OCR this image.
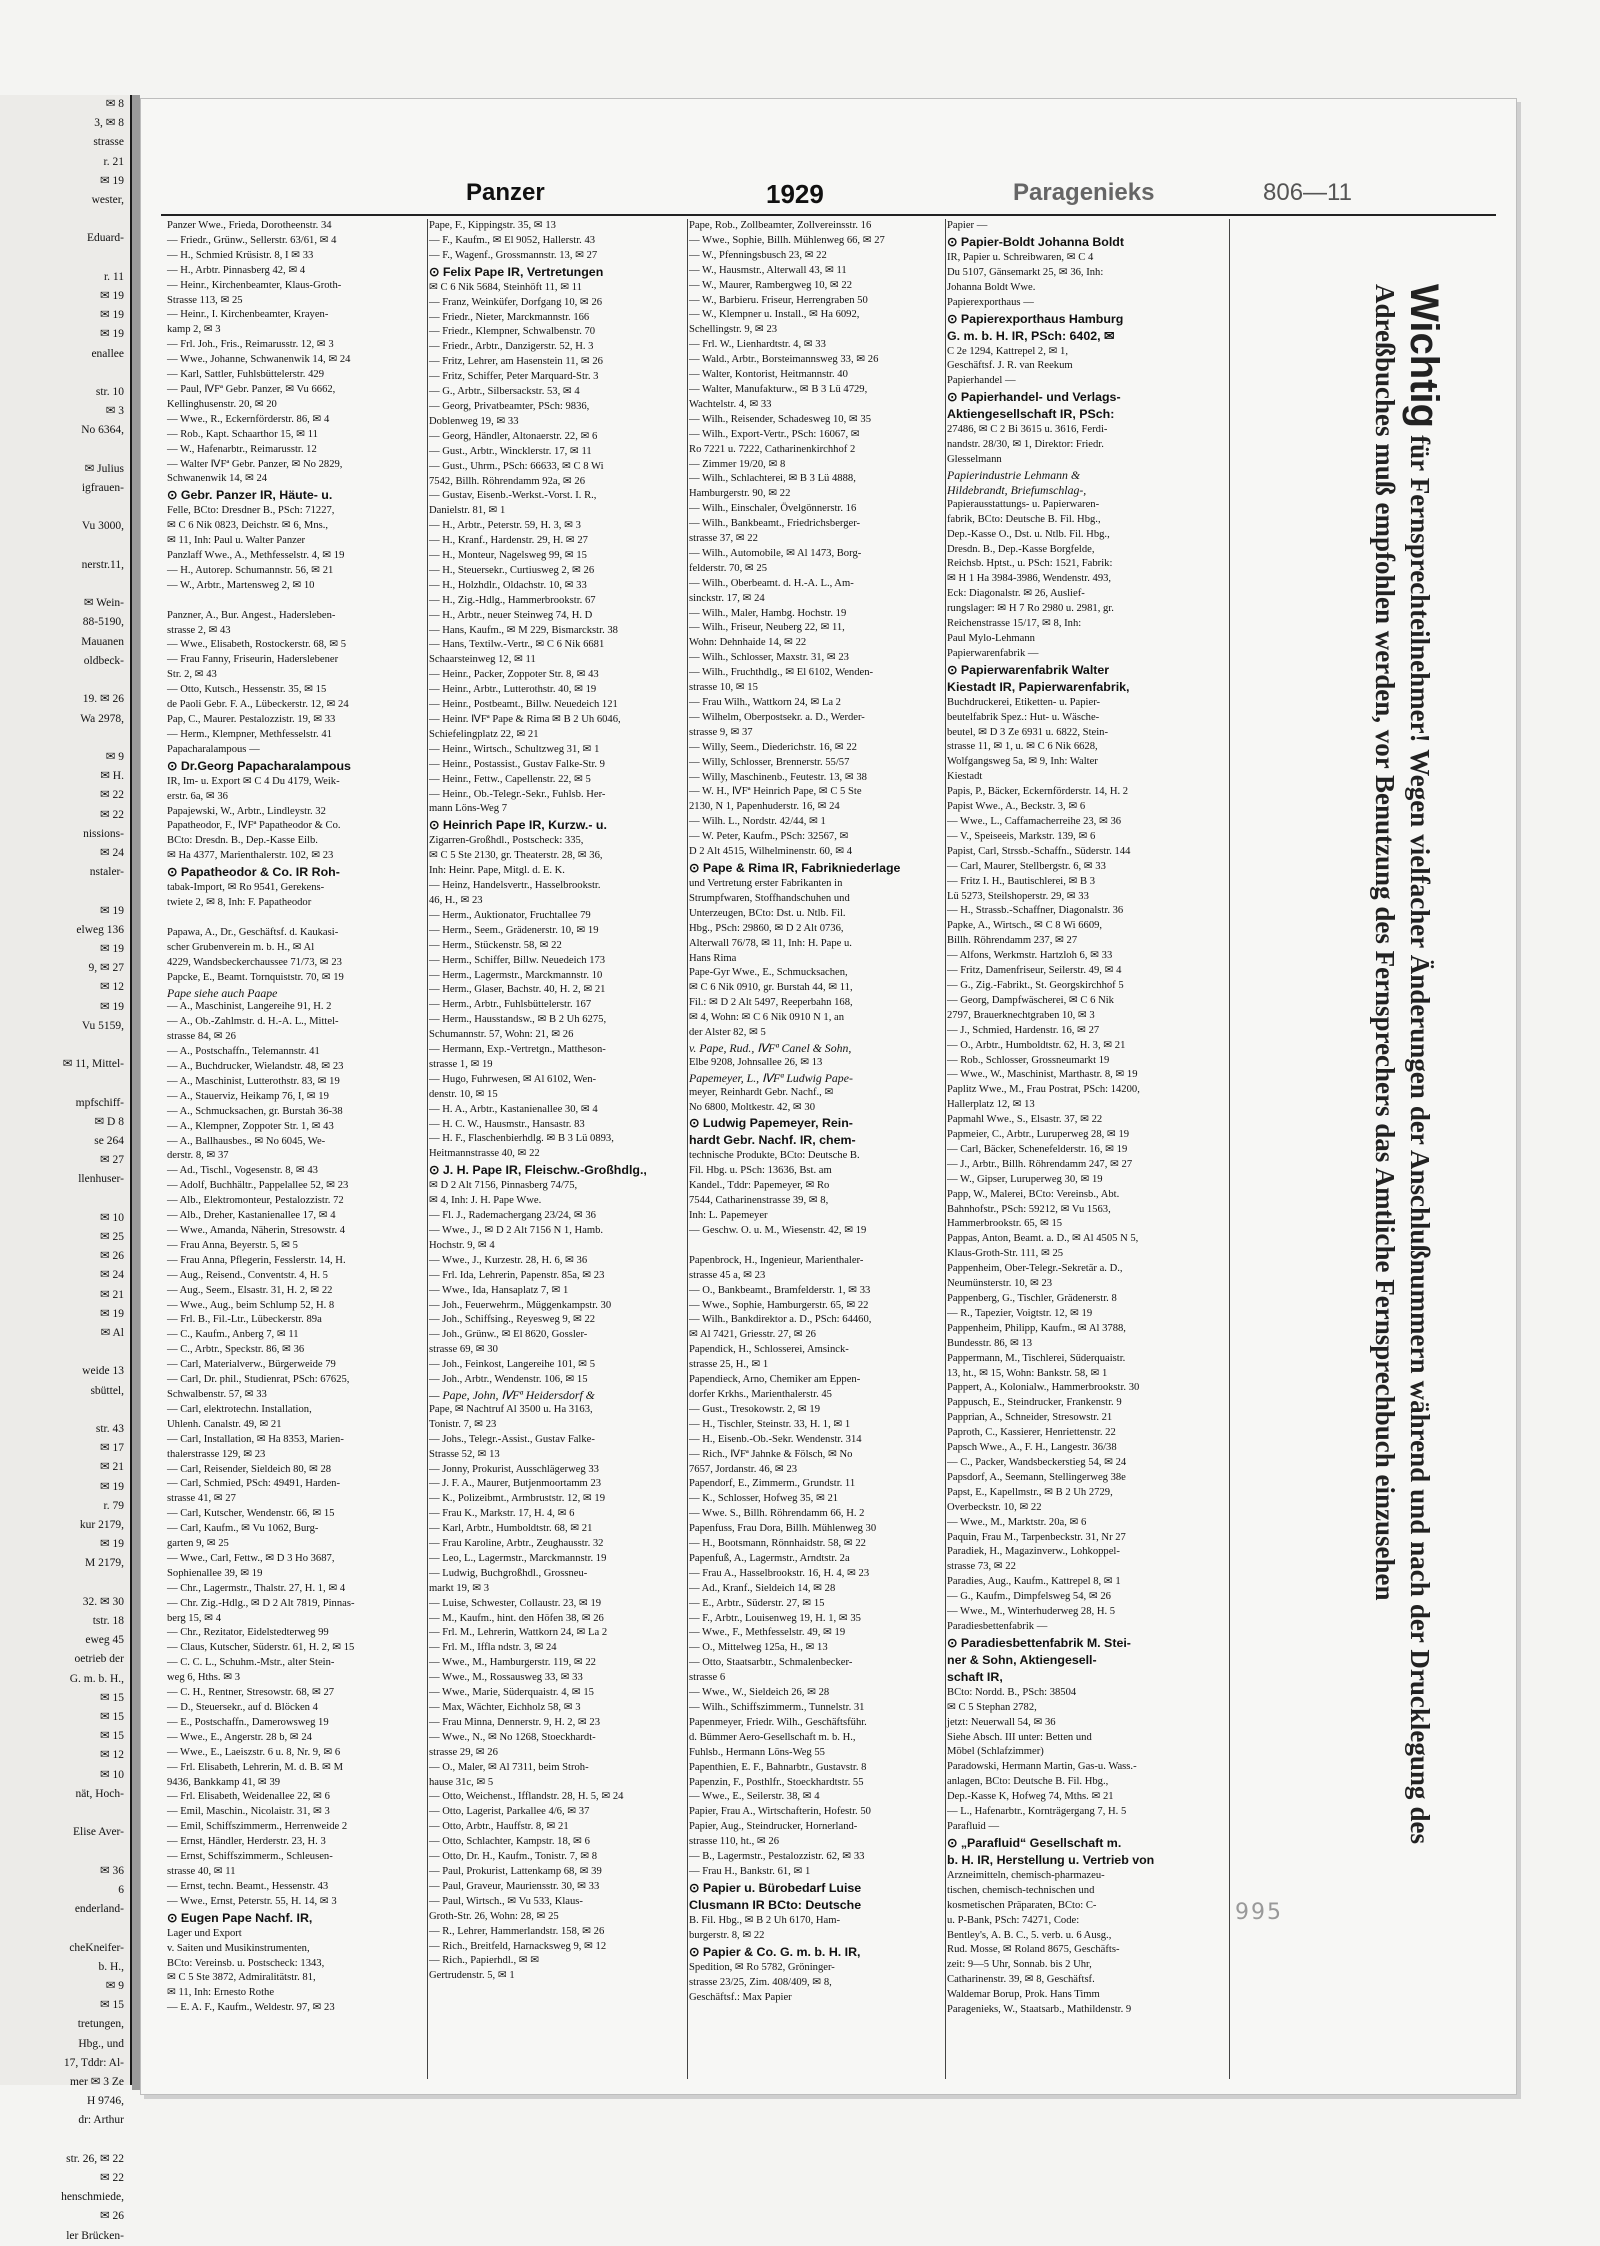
✉ 8
3, ✉ 8
strasse
r. 21
✉ 19
wester,

Eduard-

r. 11
✉ 19
✉ 19
✉ 19
enallee

str. 10
✉ 3
No 6364,

✉ Julius
igfrauen-

Vu 3000,

nerstr.11,

✉ Wein-
88-5190,
Mauanen
oldbeck-

19. ✉ 26
Wa 2978,

✉ 9
✉ H.
✉ 22
✉ 22
nissions-
✉ 24
nstaler-

✉ 19
elweg 136
✉ 19
9, ✉ 27
✉ 12
✉ 19
Vu 5159,

✉ 11, Mittel-

mpfschiff-
✉ D 8
se 264
✉ 27
llenhuser-

✉ 10
✉ 25
✉ 26
✉ 24
✉ 21
✉ 19
✉ Al

weide 13
sbüttel,

str. 43
✉ 17
✉ 21
✉ 19
r. 79
kur 2179,
✉ 19
M 2179,

32. ✉ 30
tstr. 18
eweg 45
oetrieb der
G. m. b. H.,
✉ 15
✉ 15
✉ 15
✉ 12
✉ 10
nät, Hoch-

Elise Aver-

✉ 36
6
enderland-

cheKneifer-
b. H.,
✉ 9
✉ 15
tretungen,
Hbg., und
17, Tddr: Al-
mer ✉ 3 Ze
H 9746,
dr: Arthur

str. 26, ✉ 22
✉ 22
henschmiede,
✉ 26
ler Brücken-
Panzer	1929	Paragenieks	806—11
Panzer Wwe., Frieda, Dorotheenstr. 34
— Friedr., Grünw., Sellerstr. 63/61, ✉ 4
— H., Schmied Krüsistr. 8, I ✉ 33
— H., Arbtr. Pinnasberg 42, ✉ 4
— Heinr., Kirchenbeamter, Klaus-Groth-
Strasse 113, ✉ 25
— Heinr., I. Kirchenbeamter, Krayen-
kamp 2, ✉ 3
— Frl. Joh., Fris., Reimarusstr. 12, ✉ 3
— Wwe., Johanne, Schwanenwik 14, ✉ 24
— Karl, Sattler, Fuhlsbüttelerstr. 429
— Paul, ⅣFª Gebr. Panzer, ✉ Vu 6662,
Kellinghusenstr. 20, ✉ 20
— Wwe., R., Eckernförderstr. 86, ✉ 4
— Rob., Kapt. Schaarthor 15, ✉ 11
— W., Hafenarbtr., Reimarusstr. 12
— Walter ⅣFª Gebr. Panzer, ✉ No 2829,
Schwanenwik 14, ✉ 24
⊙ Gebr. Panzer IR, Häute- u.
Felle, BCto: Dresdner B., PSch: 71227,
✉ C 6 Nik 0823, Deichstr. ✉ 6, Mns.,
✉ 11, Inh: Paul u. Walter Panzer
Panzlaff Wwe., A., Methfesselstr. 4, ✉ 19
— H., Autorep. Schumannstr. 56, ✉ 21
— W., Arbtr., Martensweg 2, ✉ 10

Panzner, A., Bur. Angest., Hadersleben-
strasse 2, ✉ 43
— Wwe., Elisabeth, Rostockerstr. 68, ✉ 5
— Frau Fanny, Friseurin, Haderslebener
Str. 2, ✉ 43
— Otto, Kutsch., Hessenstr. 35, ✉ 15
de Paoli Gebr. F. A., Lübeckerstr. 12, ✉ 24
Pap, C., Maurer. Pestalozzistr. 19, ✉ 33
— Herm., Klempner, Methfesselstr. 41
Papacharalampous —
⊙ Dr.Georg Papacharalampous
IR, Im- u. Export ✉ C 4 Du 4179, Weik-
erstr. 6a, ✉ 36
Papajewski, W., Arbtr., Lindleystr. 32
Papatheodor, F., ⅣFª Papatheodor & Co.
BCto: Dresdn. B., Dep.-Kasse Eilb.
✉ Ha 4377, Marienthalerstr. 102, ✉ 23
⊙ Papatheodor & Co. IR Roh-
tabak-Import, ✉ Ro 9541, Gerekens-
twiete 2, ✉ 8, Inh: F. Papatheodor

Papawa, A., Dr., Geschäftsf. d. Kaukasi-
scher Grubenverein m. b. H., ✉ Al
4229, Wandsbeckerchaussee 71/73, ✉ 23
Papcke, E., Beamt. Tornquiststr. 70, ✉ 19
Pape siehe auch Paape
— A., Maschinist, Langereihe 91, H. 2
— A., Ob.-Zahlmstr. d. H.-A. L., Mittel-
strasse 84, ✉ 26
— A., Postschaffn., Telemannstr. 41
— A., Buchdrucker, Wielandstr. 48, ✉ 23
— A., Maschinist, Lutterothstr. 83, ✉ 19
— A., Stauerviz, Heikamp 76, I, ✉ 19
— A., Schmucksachen, gr. Burstah 36-38
— A., Klempner, Zoppoter Str. 1, ✉ 43
— A., Ballhausbes., ✉ No 6045, We-
derstr. 8, ✉ 37
— Ad., Tischl., Vogesenstr. 8, ✉ 43
— Adolf, Buchhältr., Pappelallee 52, ✉ 23
— Alb., Elektromonteur, Pestalozzistr. 72
— Alb., Dreher, Kastanienallee 17, ✉ 4
— Wwe., Amanda, Näherin, Stresowstr. 4
— Frau Anna, Beyerstr. 5, ✉ 5
— Frau Anna, Pflegerin, Fesslerstr. 14, H.
— Aug., Reisend., Conventstr. 4, H. 5
— Aug., Seem., Elsastr. 31, H. 2, ✉ 22
— Wwe., Aug., beim Schlump 52, H. 8
— Frl. B., Fil.-Ltr., Lübeckerstr. 89a
— C., Kaufm., Anberg 7, ✉ 11
— C., Arbtr., Speckstr. 86, ✉ 36
— Carl, Materialverw., Bürgerweide 79
— Carl, Dr. phil., Studienrat, PSch: 67625,
Schwalbenstr. 57, ✉ 33
— Carl, elektrotechn. Installation,
Uhlenh. Canalstr. 49, ✉ 21
— Carl, Installation, ✉ Ha 8353, Marien-
thalerstrasse 129, ✉ 23
— Carl, Reisender, Sieldeich 80, ✉ 28
— Carl, Schmied, PSch: 49491, Harden-
strasse 41, ✉ 27
— Carl, Kutscher, Wendenstr. 66, ✉ 15
— Carl, Kaufm., ✉ Vu 1062, Burg-
garten 9, ✉ 25
— Wwe., Carl, Fettw., ✉ D 3 Ho 3687,
Sophienallee 39, ✉ 19
— Chr., Lagermstr., Thalstr. 27, H. 1, ✉ 4
— Chr. Zig.-Hdlg., ✉ D 2 Alt 7819, Pinnas-
berg 15, ✉ 4
— Chr., Rezitator, Eidelstedterweg 99
— Claus, Kutscher, Süderstr. 61, H. 2, ✉ 15
— C. C. L., Schuhm.-Mstr., alter Stein-
weg 6, Hths. ✉ 3
— C. H., Rentner, Stresowstr. 68, ✉ 27
— D., Steuersekr., auf d. Blöcken 4
— E., Postschaffn., Damerowsweg 19
— Wwe., E., Angerstr. 28 b, ✉ 24
— Wwe., E., Laeiszstr. 6 u. 8, Nr. 9, ✉ 6
— Frl. Elisabeth, Lehrerin, M. d. B. ✉ M
9436, Bankkamp 41, ✉ 39
— Frl. Elisabeth, Weidenallee 22, ✉ 6
— Emil, Maschin., Nicolaistr. 31, ✉ 3
— Emil, Schiffszimmerm., Herrenweide 2
— Ernst, Händler, Herderstr. 23, H. 3
— Ernst, Schiffszimmerm., Schleusen-
strasse 40, ✉ 11
— Ernst, techn. Beamt., Hessenstr. 43
— Wwe., Ernst, Peterstr. 55, H. 14, ✉ 3
⊙ Eugen Pape Nachf. IR,
Lager und Export
v. Saiten und Musikinstrumenten,
BCto: Vereinsb. u. Postscheck: 1343,
✉ C 5 Ste 3872, Admiralitätstr. 81,
✉ 11, Inh: Ernesto Rothe
— E. A. F., Kaufm., Weldestr. 97, ✉ 23
Pape, F., Kippingstr. 35, ✉ 13
— F., Kaufm., ✉ El 9052, Hallerstr. 43
— F., Wagenf., Grossmannstr. 13, ✉ 27
⊙ Felix Pape IR, Vertretungen
✉ C 6 Nik 5684, Steinhöft 11, ✉ 11
— Franz, Weinküfer, Dorfgang 10, ✉ 26
— Friedr., Nieter, Marckmannstr. 166
— Friedr., Klempner, Schwalbenstr. 70
— Friedr., Arbtr., Danzigerstr. 52, H. 3
— Fritz, Lehrer, am Hasenstein 11, ✉ 26
— Fritz, Schiffer, Peter Marquard-Str. 3
— G., Arbtr., Silbersackstr. 53, ✉ 4
— Georg, Privatbeamter, PSch: 9836,
Doblenweg 19, ✉ 33
— Georg, Händler, Altonaerstr. 22, ✉ 6
— Gust., Arbtr., Wincklerstr. 17, ✉ 11
— Gust., Uhrm., PSch: 66633, ✉ C 8 Wi
7542, Billh. Röhrendamm 92a, ✉ 26
— Gustav, Eisenb.-Werkst.-Vorst. I. R.,
Danielstr. 81, ✉ 1
— H., Arbtr., Peterstr. 59, H. 3, ✉ 3
— H., Kranf., Hardenstr. 29, H. ✉ 27
— H., Monteur, Nagelsweg 99, ✉ 15
— H., Steuersekr., Curtiusweg 2, ✉ 26
— H., Holzhdlr., Oldachstr. 10, ✉ 33
— H., Zig.-Hdlg., Hammerbrookstr. 67
— H., Arbtr., neuer Steinweg 74, H. D
— Hans, Kaufm., ✉ M 229, Bismarckstr. 38
— Hans, Textilw.-Vertr., ✉ C 6 Nik 6681
Schaarsteinweg 12, ✉ 11
— Heinr., Packer, Zoppoter Str. 8, ✉ 43
— Heinr., Arbtr., Lutterothstr. 40, ✉ 19
— Heinr., Postbeamt., Billw. Neuedeich 121
— Heinr. ⅣFª Pape & Rima ✉ B 2 Uh 6046,
Schiefelingplatz 22, ✉ 21
— Heinr., Wirtsch., Schultzweg 31, ✉ 1
— Heinr., Postassist., Gustav Falke-Str. 9
— Heinr., Fettw., Capellenstr. 22, ✉ 5
— Heinr., Ob.-Telegr.-Sekr., Fuhlsb. Her-
mann Löns-Weg 7
⊙ Heinrich Pape IR, Kurzw.- u.
Zigarren-Großhdl., Postscheck: 335,
✉ C 5 Ste 2130, gr. Theaterstr. 28, ✉ 36,
Inh: Heinr. Pape, Mitgl. d. E. K.
— Heinz, Handelsvertr., Hasselbrookstr.
46, H., ✉ 23
— Herm., Auktionator, Fruchtallee 79
— Herm., Seem., Grädenerstr. 10, ✉ 19
— Herm., Stückenstr. 58, ✉ 22
— Herm., Schiffer, Billw. Neuedeich 173
— Herm., Lagermstr., Marckmannstr. 10
— Herm., Glaser, Bachstr. 40, H. 2, ✉ 21
— Herm., Arbtr., Fuhlsbüttelerstr. 167
— Herm., Hausstandsw., ✉ B 2 Uh 6275,
Schumannstr. 57, Wohn: 21, ✉ 26
— Hermann, Exp.-Vertretgn., Mattheson-
strasse 1, ✉ 19
— Hugo, Fuhrwesen, ✉ Al 6102, Wen-
denstr. 10, ✉ 15
— H. A., Arbtr., Kastanienallee 30, ✉ 4
— H. C. W., Hausmstr., Hansastr. 83
— H. F., Flaschenbierhdlg. ✉ B 3 Lü 0893,
Heitmannstrasse 40, ✉ 22
⊙ J. H. Pape IR, Fleischw.-Großhdlg.,
✉ D 2 Alt 7156, Pinnasberg 74/75,
✉ 4, Inh: J. H. Pape Wwe.
— Fl. J., Rademachergang 23/24, ✉ 36
— Wwe., J., ✉ D 2 Alt 7156 N 1, Hamb.
Hochstr. 9, ✉ 4
— Wwe., J., Kurzestr. 28, H. 6, ✉ 36
— Frl. Ida, Lehrerin, Papenstr. 85a, ✉ 23
— Wwe., Ida, Hansaplatz 7, ✉ 1
— Joh., Feuerwehrm., Müggenkampstr. 30
— Joh., Schiffsing., Reyesweg 9, ✉ 22
— Joh., Grünw., ✉ El 8620, Gossler-
strasse 69, ✉ 30
— Joh., Feinkost, Langereihe 101, ✉ 5
— Joh., Arbtr., Wendenstr. 106, ✉ 15
— Pape, John, ⅣFª Heidersdorf &
Pape, ✉ Nachtruf Al 3500 u. Ha 3163,
Tonistr. 7, ✉ 23
— Johs., Telegr.-Assist., Gustav Falke-
Strasse 52, ✉ 13
— Jonny, Prokurist, Ausschlägerweg 33
— J. F. A., Maurer, Butjenmoortamm 23
— K., Polizeibmt., Armbruststr. 12, ✉ 19
— Frau K., Markstr. 17, H. 4, ✉ 6
— Karl, Arbtr., Humboldtstr. 68, ✉ 21
— Frau Karoline, Arbtr., Zeughausstr. 32
— Leo, L., Lagermstr., Marckmannstr. 19
— Ludwig, Buchgroßhdl., Grossneu-
markt 19, ✉ 3
— Luise, Schwester, Collaustr. 23, ✉ 19
— M., Kaufm., hint. den Höfen 38, ✉ 26
— Frl. M., Lehrerin, Wattkorn 24, ✉ La 2
— Frl. M., Iffla ndstr. 3, ✉ 24
— Wwe., M., Hamburgerstr. 119, ✉ 22
— Wwe., M., Rossausweg 33, ✉ 33
— Wwe., Marie, Süderquaistr. 4, ✉ 15
— Max, Wächter, Eichholz 58, ✉ 3
— Frau Minna, Dennerstr. 9, H. 2, ✉ 23
— Wwe., N., ✉ No 1268, Stoeckhardt-
strasse 29, ✉ 26
— O., Maler, ✉ Al 7311, beim Stroh-
hause 31c, ✉ 5
— Otto, Weichenst., Ifflandstr. 28, H. 5, ✉ 24
— Otto, Lagerist, Parkallee 4/6, ✉ 37
— Otto, Arbtr., Hauffstr. 8, ✉ 21
— Otto, Schlachter, Kampstr. 18, ✉ 6
— Otto, Dr. H., Kaufm., Tonistr. 7, ✉ 8
— Paul, Prokurist, Lattenkamp 68, ✉ 39
— Paul, Graveur, Mauriensstr. 30, ✉ 33
— Paul, Wirtsch., ✉ Vu 533, Klaus-
Groth-Str. 26, Wohn: 28, ✉ 25
— R., Lehrer, Hammerlandstr. 158, ✉ 26
— Rich., Breitfeld, Harnacksweg 9, ✉ 12
— Rich., Papierhdl., ✉ ✉
Gertrudenstr. 5, ✉ 1
Pape, Rob., Zollbeamter, Zollvereinsstr. 16
— Wwe., Sophie, Billh. Mühlenweg 66, ✉ 27
— W., Pfenningsbusch 23, ✉ 22
— W., Hausmstr., Alterwall 43, ✉ 11
— W., Maurer, Rambergweg 10, ✉ 22
— W., Barbieru. Friseur, Herrengraben 50
— W., Klempner u. Install., ✉ Ha 6092,
Schellingstr. 9, ✉ 23
— Frl. W., Lienhardtstr. 4, ✉ 33
— Wald., Arbtr., Borsteimannsweg 33, ✉ 26
— Walter, Kontorist, Heitmannstr. 40
— Walter, Manufakturw., ✉ B 3 Lü 4729,
Wachtelstr. 4, ✉ 33
— Wilh., Reisender, Schadesweg 10, ✉ 35
— Wilh., Export-Vertr., PSch: 16067, ✉
Ro 7221 u. 7222, Catharinenkirchhof 2
— Zimmer 19/20, ✉ 8
— Wilh., Schlachterei, ✉ B 3 Lü 4888,
Hamburgerstr. 90, ✉ 22
— Wilh., Einschaler, Övelgönnerstr. 16
— Wilh., Bankbeamt., Friedrichsberger-
strasse 37, ✉ 22
— Wilh., Automobile, ✉ Al 1473, Borg-
felderstr. 70, ✉ 25
— Wilh., Oberbeamt. d. H.-A. L., Am-
sinckstr. 17, ✉ 24
— Wilh., Maler, Hambg. Hochstr. 19
— Wilh., Friseur, Neuberg 22, ✉ 11,
Wohn: Dehnhaide 14, ✉ 22
— Wilh., Schlosser, Maxstr. 31, ✉ 23
— Wilh., Fruchthdlg., ✉ El 6102, Wenden-
strasse 10, ✉ 15
— Frau Wilh., Wattkorn 24, ✉ La 2
— Wilhelm, Oberpostsekr. a. D., Werder-
strasse 9, ✉ 37
— Willy, Seem., Diederichstr. 16, ✉ 22
— Willy, Schlosser, Brennerstr. 55/57
— Willy, Maschinenb., Feutestr. 13, ✉ 38
— W. H., ⅣFª Heinrich Pape, ✉ C 5 Ste
2130, N 1, Papenhuderstr. 16, ✉ 24
— Wilh. L., Nordstr. 42/44, ✉ 1
— W. Peter, Kaufm., PSch: 32567, ✉
D 2 Alt 4515, Wilhelminenstr. 60, ✉ 4
⊙ Pape & Rima IR, Fabrikniederlage
und Vertretung erster Fabrikanten in
Strumpfwaren, Stoffhandschuhen und
Unterzeugen, BCto: Dst. u. Ntlb. Fil.
Hbg., PSch: 29860, ✉ D 2 Alt 0736,
Alterwall 76/78, ✉ 11, Inh: H. Pape u.
Hans Rima
Pape-Gyr Wwe., E., Schmucksachen,
✉ C 6 Nik 0910, gr. Burstah 44, ✉ 11,
Fil.: ✉ D 2 Alt 5497, Reeperbahn 168,
✉ 4, Wohn: ✉ C 6 Nik 0910 N 1, an
der Alster 82, ✉ 5
v. Pape, Rud., ⅣFª Canel & Sohn,
Elbe 9208, Johnsallee 26, ✉ 13
Papemeyer, L., ⅣFª Ludwig Pape-
meyer, Reinhardt Gebr. Nachf., ✉
No 6800, Moltkestr. 42, ✉ 30
⊙ Ludwig Papemeyer, Rein-
hardt Gebr. Nachf. IR, chem-
technische Produkte, BCto: Deutsche B.
Fil. Hbg. u. PSch: 13636, Bst. am
Kandel., Tddr: Papemeyer, ✉ Ro
7544, Catharinenstrasse 39, ✉ 8,
Inh: L. Papemeyer
— Geschw. O. u. M., Wiesenstr. 42, ✉ 19

Papenbrock, H., Ingenieur, Marienthaler-
strasse 45 a, ✉ 23
— O., Bankbeamt., Bramfelderstr. 1, ✉ 33
— Wwe., Sophie, Hamburgerstr. 65, ✉ 22
— Wilh., Bankdirektor a. D., PSch: 64460,
✉ Al 7421, Griesstr. 27, ✉ 26
Papendick, H., Schlosserei, Amsinck-
strasse 25, H., ✉ 1
Papendieck, Arno, Chemiker am Eppen-
dorfer Krkhs., Marienthalerstr. 45
— Gust., Tresokowstr. 2, ✉ 19
— H., Tischler, Steinstr. 33, H. 1, ✉ 1
— H., Eisenb.-Ob.-Sekr. Wendenstr. 314
— Rich., ⅣFª Jahnke & Fölsch, ✉ No
7657, Jordanstr. 46, ✉ 23
Papendorf, E., Zimmerm., Grundstr. 11
— K., Schlosser, Hofweg 35, ✉ 21
— Wwe. S., Billh. Röhrendamm 66, H. 2
Papenfuss, Frau Dora, Billh. Mühlenweg 30
— H., Bootsmann, Rönnhaidstr. 58, ✉ 22
Papenfuß, A., Lagermstr., Arndtstr. 2a
— Frau A., Hasselbrookstr. 16, H. 4, ✉ 23
— Ad., Kranf., Sieldeich 14, ✉ 28
— E., Arbtr., Süderstr. 27, ✉ 15
— F., Arbtr., Louisenweg 19, H. 1, ✉ 35
— Wwe., F., Methfesselstr. 49, ✉ 19
— O., Mittelweg 125a, H., ✉ 13
— Otto, Staatsarbtr., Schmalenbecker-
strasse 6
— Wwe., W., Sieldeich 26, ✉ 28
— Wilh., Schiffszimmerm., Tunnelstr. 31
Papenmeyer, Friedr. Wilh., Geschäftsführ.
d. Bümmer Aero-Gesellschaft m. b. H.,
Fuhlsb., Hermann Löns-Weg 55
Papenthien, E. F., Bahnarbtr., Gustavstr. 8
Papenzin, F., Posthlfr., Stoeckhardtstr. 55
— Wwe., E., Seilerstr. 38, ✉ 4
Papier, Frau A., Wirtschafterin, Hofestr. 50
Papier, Aug., Steindrucker, Hornerland-
strasse 110, ht., ✉ 26
— B., Lagermstr., Pestalozzistr. 62, ✉ 33
— Frau H., Bankstr. 61, ✉ 1
⊙ Papier u. Bürobedarf Luise
Clusmann IR BCto: Deutsche
B. Fil. Hbg., ✉ B 2 Uh 6170, Ham-
burgerstr. 8, ✉ 22
⊙ Papier & Co. G. m. b. H. IR,
Spedition, ✉ Ro 5782, Gröninger-
strasse 23/25, Zim. 408/409, ✉ 8,
Geschäftsf.: Max Papier
Papier —
⊙ Papier-Boldt Johanna Boldt
IR, Papier u. Schreibwaren, ✉ C 4
Du 5107, Gänsemarkt 25, ✉ 36, Inh:
Johanna Boldt Wwe.
Papierexporthaus —
⊙ Papierexporthaus Hamburg
G. m. b. H. IR, PSch: 6402, ✉
C 2e 1294, Kattrepel 2, ✉ 1,
Geschäftsf. J. R. van Reekum
Papierhandel —
⊙ Papierhandel- und Verlags-
Aktiengesellschaft IR, PSch:
27486, ✉ C 2 Bi 3615 u. 3616, Ferdi-
nandstr. 28/30, ✉ 1, Direktor: Friedr.
Glesselmann
Papierindustrie Lehmann &
Hildebrandt, Briefumschlag-,
Papierausstattungs- u. Papierwaren-
fabrik, BCto: Deutsche B. Fil. Hbg.,
Dep.-Kasse O., Dst. u. Ntlb. Fil. Hbg.,
Dresdn. B., Dep.-Kasse Borgfelde,
Reichsb. Hptst., u. PSch: 1521, Fabrik:
✉ H 1 Ha 3984-3986, Wendenstr. 493,
Eck: Diagonalstr. ✉ 26, Auslief-
rungslager: ✉ H 7 Ro 2980 u. 2981, gr.
Reichenstrasse 15/17, ✉ 8, Inh:
Paul Mylo-Lehmann
Papierwarenfabrik —
⊙ Papierwarenfabrik Walter
Kiestadt IR, Papierwarenfabrik,
Buchdruckerei, Etiketten- u. Papier-
beutelfabrik Spez.: Hut- u. Wäsche-
beutel, ✉ D 3 Ze 6931 u. 6822, Stein-
strasse 11, ✉ 1, u. ✉ C 6 Nik 6628,
Wolfgangsweg 5a, ✉ 9, Inh: Walter
Kiestadt
Papis, P., Bäcker, Eckernförderstr. 14, H. 2
Papist Wwe., A., Beckstr. 3, ✉ 6
— Wwe., L., Caffamacherreihe 23, ✉ 36
— V., Speiseeis, Markstr. 139, ✉ 6
Papist, Carl, Strssb.-Schaffn., Süderstr. 144
— Carl, Maurer, Stellbergstr. 6, ✉ 33
— Fritz I. H., Bautischlerei, ✉ B 3
Lü 5273, Steilshoperstr. 29, ✉ 33
— H., Strassb.-Schaffner, Diagonalstr. 36
Papke, A., Wirtsch., ✉ C 8 Wi 6609,
Billh. Röhrendamm 237, ✉ 27
— Alfons, Werkmstr. Hartzloh 6, ✉ 33
— Fritz, Damenfriseur, Seilerstr. 49, ✉ 4
— G., Zig.-Fabrikt., St. Georgskirchhof 5
— Georg, Dampfwäscherei, ✉ C 6 Nik
2797, Brauerknechtgraben 10, ✉ 3
— J., Schmied, Hardenstr. 16, ✉ 27
— O., Arbtr., Humboldtstr. 62, H. 3, ✉ 21
— Rob., Schlosser, Grossneumarkt 19
— Wwe., W., Maschinist, Marthastr. 8, ✉ 19
Paplitz Wwe., M., Frau Postrat, PSch: 14200,
Hallerplatz 12, ✉ 13
Papmahl Wwe., S., Elsastr. 37, ✉ 22
Papmeier, C., Arbtr., Luruperweg 28, ✉ 19
— Carl, Bäcker, Schenefelderstr. 16, ✉ 19
— J., Arbtr., Billh. Röhrendamm 247, ✉ 27
— W., Gipser, Luruperweg 30, ✉ 19
Papp, W., Malerei, BCto: Vereinsb., Abt.
Bahnhofstr., PSch: 59212, ✉ Vu 1563,
Hammerbrookstr. 65, ✉ 15
Pappas, Anton, Beamt. a. D., ✉ Al 4505 N 5,
Klaus-Groth-Str. 111, ✉ 25
Pappenheim, Ober-Telegr.-Sekretär a. D.,
Neumünsterstr. 10, ✉ 23
Pappenberg, G., Tischler, Grädenerstr. 8
— R., Tapezier, Voigtstr. 12, ✉ 19
Pappenheim, Philipp, Kaufm., ✉ Al 3788,
Bundesstr. 86, ✉ 13
Pappermann, M., Tischlerei, Süderquaistr.
13, ht., ✉ 15, Wohn: Bankstr. 58, ✉ 1
Pappert, A., Kolonialw., Hammerbrookstr. 30
Pappusch, E., Steindrucker, Frankenstr. 9
Papprian, A., Schneider, Stresowstr. 21
Paproth, C., Kassierer, Henriettenstr. 22
Papsch Wwe., A., F. H., Langestr. 36/38
— C., Packer, Wandsbeckerstieg 54, ✉ 24
Papsdorf, A., Seemann, Stellingerweg 38e
Papst, E., Kapellmstr., ✉ B 2 Uh 2729,
Overbeckstr. 10, ✉ 22
— Wwe., M., Marktstr. 20a, ✉ 6
Paquin, Frau M., Tarpenbeckstr. 31, Nr 27
Paradiek, H., Magazinverw., Lohkoppel-
strasse 73, ✉ 22
Paradies, Aug., Kaufm., Kattrepel 8, ✉ 1
— G., Kaufm., Dimpfelsweg 54, ✉ 26
— Wwe., M., Winterhuderweg 28, H. 5
Paradiesbettenfabrik —
⊙ Paradiesbettenfabrik M. Stei-
ner & Sohn, Aktiengesell-
schaft IR,
BCto: Nordd. B., PSch: 38504
✉ C 5 Stephan 2782,
jetzt: Neuerwall 54, ✉ 36
Siehe Absch. III unter: Betten und
Möbel (Schlafzimmer)
Paradowski, Hermann Martin, Gas-u. Wass.-
anlagen, BCto: Deutsche B. Fil. Hbg.,
Dep.-Kasse K, Hofweg 74, Mths. ✉ 21
— L., Hafenarbtr., Kornträgergang 7, H. 5
Parafluid —
⊙ „Parafluid“ Gesellschaft m.
b. H. IR, Herstellung u. Vertrieb von
Arzneimitteln, chemisch-pharmazeu-
tischen, chemisch-technischen und
kosmetischen Präparaten, BCto: C-
u. P-Bank, PSch: 74271, Code:
Bentley's, A. B. C., 5. verb. u. 6 Ausg.,
Rud. Mosse, ✉ Roland 8675, Geschäfts-
zeit: 9—5 Uhr, Sonnab. bis 2 Uhr,
Catharinenstr. 39, ✉ 8, Geschäftsf.
Waldemar Borup, Prok. Hans Timm
Paragenieks, W., Staatsarb., Mathildenstr. 9
Wichtig für Fernsprechteilnehmer! Wegen vielfacher Änderungen der Anschlußnummern während und nach der Drucklegung des Adreßbuches muß empfohlen werden, vor Benutzung des Fernsprechers das Amtliche Fernsprechbuch einzusehen
995
